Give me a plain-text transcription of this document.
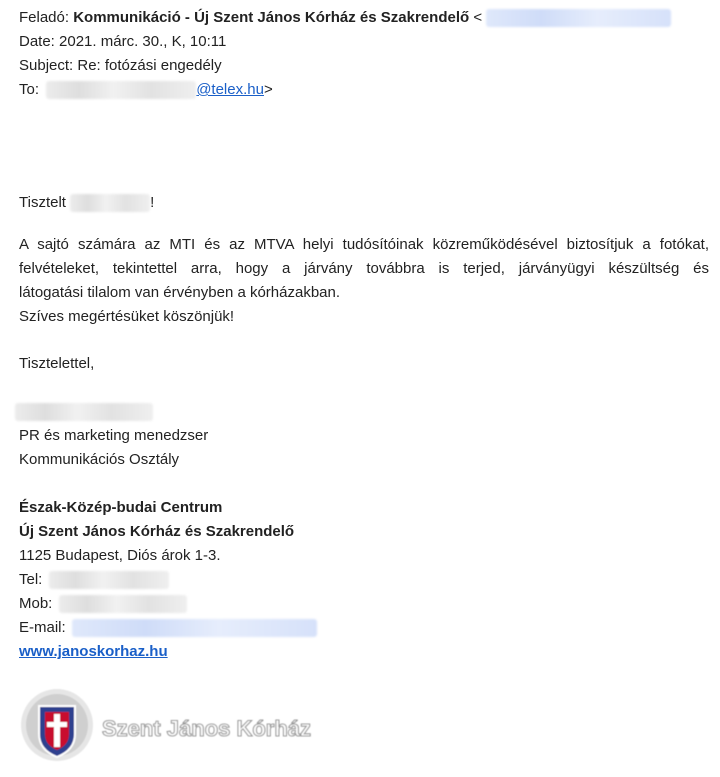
Feladó: Kommunikáció - Új Szent János Kórház és Szakrendelő <
Date: 2021. márc. 30., K, 10:11
Subject: Re: fotózási engedély
To:	@telex.hu>
Tisztelt	!
A sajtó számára az MTI és az MTVA helyi tudósítóinak közreműködésével biztosítjuk a fotókat,
felvételeket, tekintettel arra, hogy a járvány továbbra is terjed, járványügyi készültség és
látogatási tilalom van érvényben a kórházakban.
Szíves megértésüket köszönjük!
Tisztelettel,
PR és marketing menedzser
Kommunikációs Osztály
Észak-Közép-budai Centrum
Új Szent János Kórház és Szakrendelő
1125 Budapest, Diós árok 1-3.
Tel:
Mob:
E-mail:
www.janoskorhaz.hu
Szent János Kórház
